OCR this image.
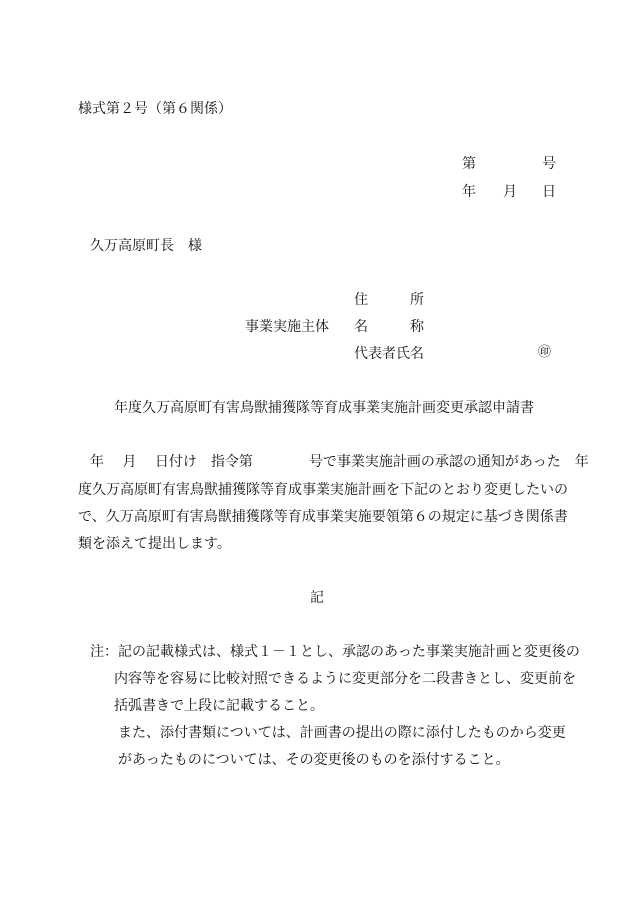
様式第２号（第６関係）
第	号
年 月 日
久万高原町長　様
住　　　所
事業実施主体 名　　　称
代表者氏名	㊞
年度久万高原町有害鳥獣捕獲隊等育成事業実施計画変更承認申請書
年　 月　 日付け　指令第　　　　号で事業実施計画の承認の通知があった　年
度久万高原町有害鳥獣捕獲隊等育成事業実施計画を下記のとおり変更したいの
で、久万高原町有害鳥獣捕獲隊等育成事業実施要領第６の規定に基づき関係書
類を添えて提出します。
記
注：記の記載様式は、様式１－１とし、承認のあった事業実施計画と変更後の
内容等を容易に比較対照できるように変更部分を二段書きとし、変更前を
括弧書きで上段に記載すること。
また、添付書類については、計画書の提出の際に添付したものから変更
があったものについては、その変更後のものを添付すること。
